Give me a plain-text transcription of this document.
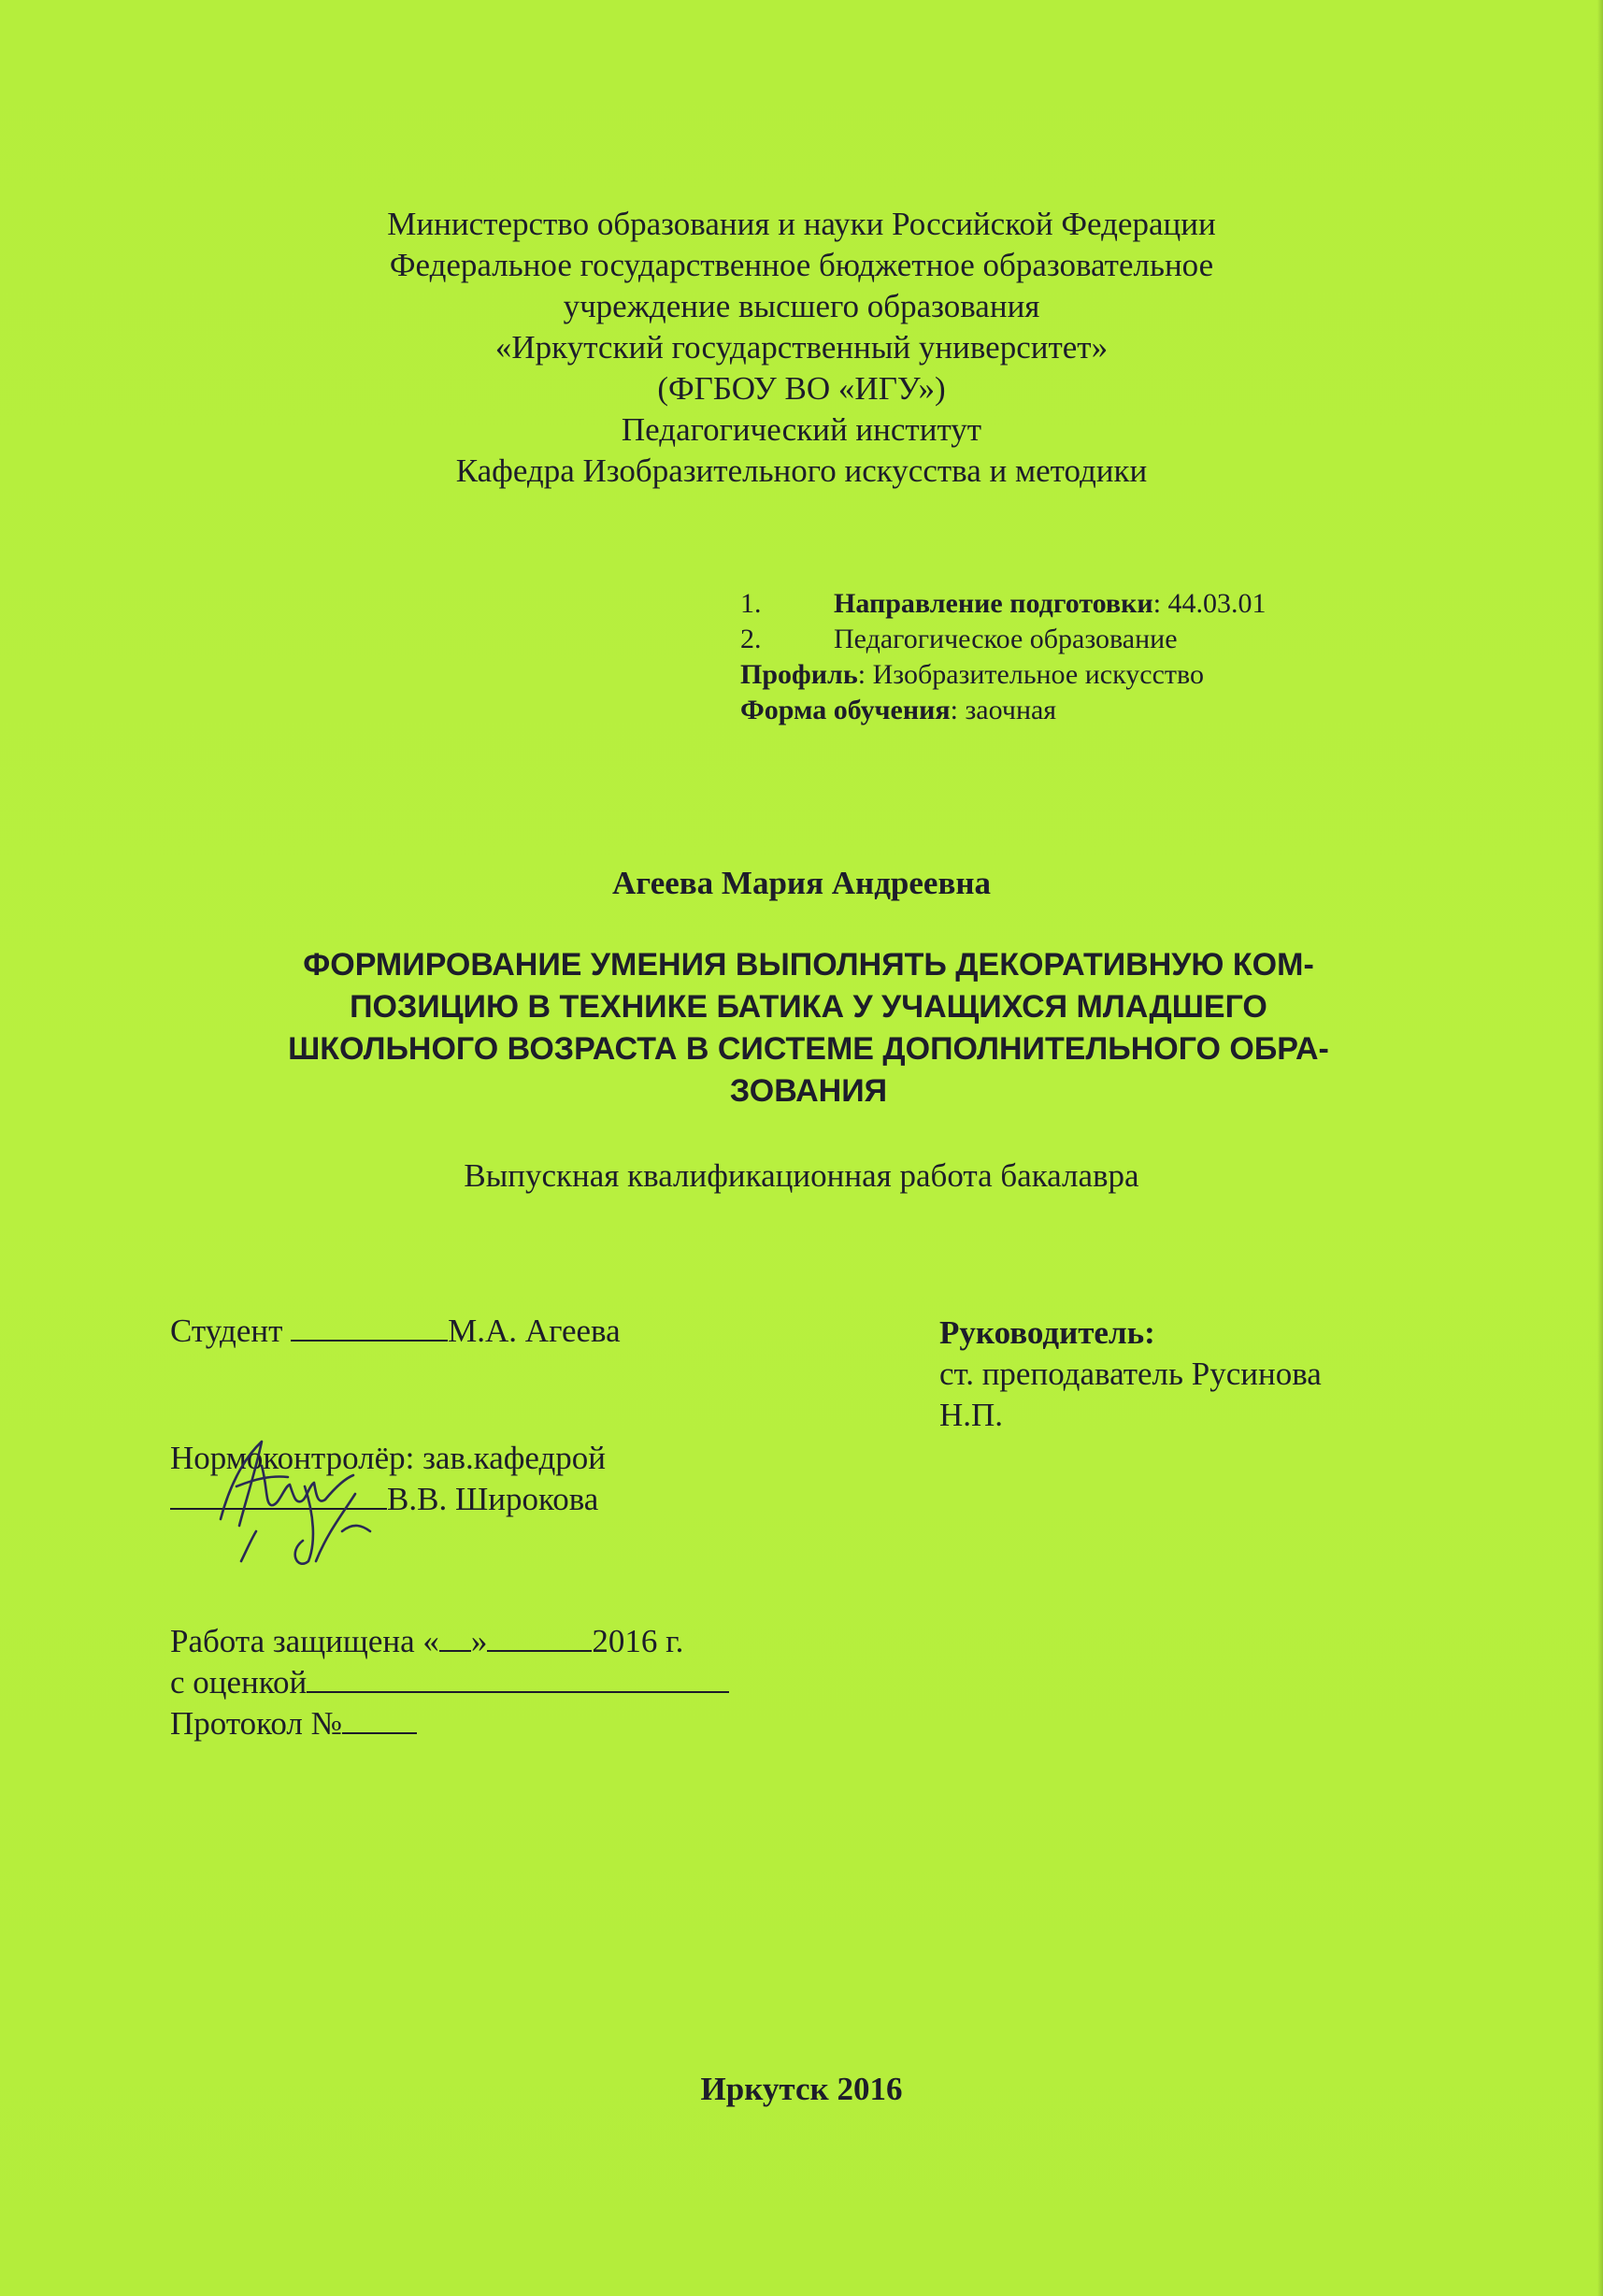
Министерство образования и науки Российской Федерации
Федеральное государственное бюджетное образовательное
учреждение высшего образования
«Иркутский государственный университет»
(ФГБОУ ВО «ИГУ»)
Педагогический институт
Кафедра Изобразительного искусства и методики
1.	Направление подготовки: 44.03.01
2.	Педагогическое образование
Профиль: Изобразительное искусство
Форма обучения: заочная
Агеева Мария Андреевна
ФОРМИРОВАНИЕ УМЕНИЯ ВЫПОЛНЯТЬ ДЕКОРАТИВНУЮ КОМ-
ПОЗИЦИЮ В ТЕХНИКЕ БАТИКА У УЧАЩИХСЯ МЛАДШЕГО
ШКОЛЬНОГО ВОЗРАСТА В СИСТЕМЕ ДОПОЛНИТЕЛЬНОГО ОБРА-
ЗОВАНИЯ
Выпускная квалификационная работа бакалавра
Студент	М.А. Агеева	Руководитель:
ст. преподаватель Русинова
Н.П.
Нормоконтролёр: зав.кафедрой
В.В. Широкова
Работа защищена « »	2016 г.
с оценкой
Протокол №
Иркутск 2016
